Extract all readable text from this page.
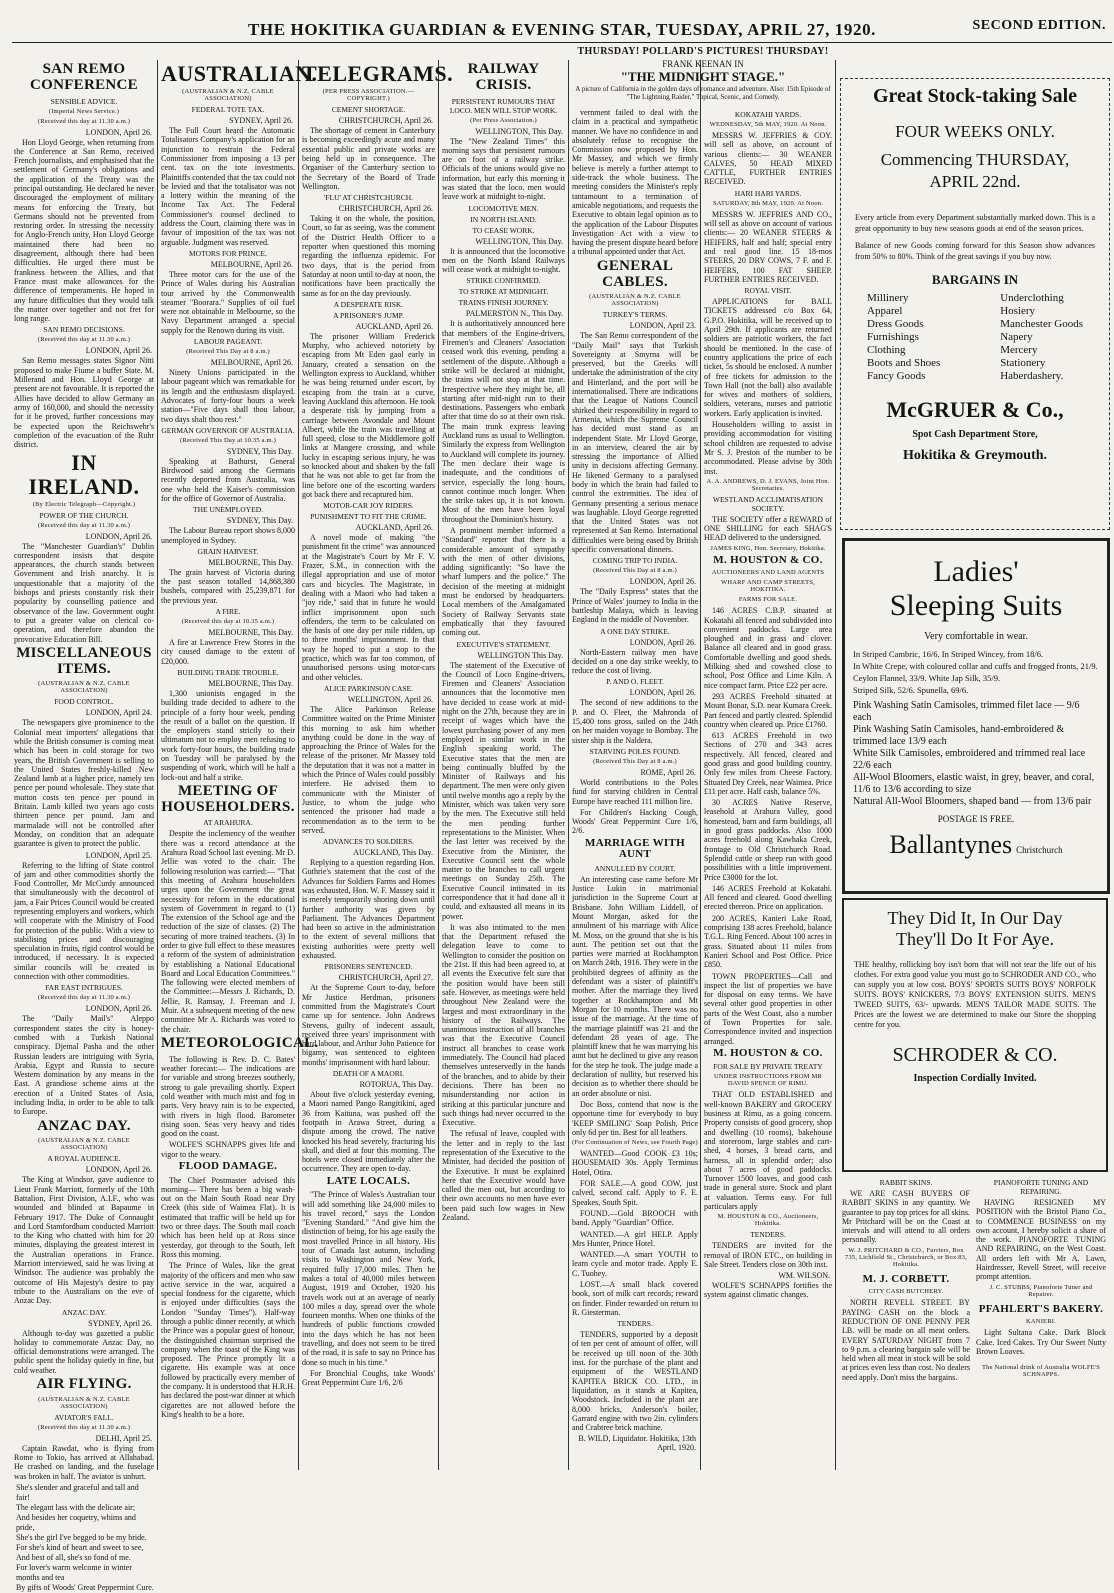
THE HOKITIKA GUARDIAN & EVENING STAR, TUESDAY, APRIL 27, 1920.	SECOND EDITION.
SAN REMO CONFERENCE
SENSIBLE ADVICE.
(Imperial News Service.)
(Received this day at 11.30 a.m.)
LONDON, April 26.

Hon Lloyd George, when returning from the Conference at San Remo, received French journalists, and emphasised that the settlement of Germany's obligations and the application of the Treaty was the principal outstanding. He declared he never discouraged the employment of military means for enforcing the Treaty, but Germans should not be prevented from restoring order. In stressing the necessity for Anglo-French unity, Hon Lloyd George maintained there had been no disagreement, although there had been difficulties. He urged there must be frankness between the Allies, and that France must make allowances for the difference of temperaments. He hoped in any future difficulties that they would talk the matter over together and not fret for long range.

SAN REMO DECISIONS.
(Received this day at 11.30 a.m.)
LONDON, April 26.

San Remo messages states Signor Nitti proposed to make Fiume a buffer State. M. Millerand and Hon. Lloyd George at present are not favourable. It is reported the Allies have decided to allow Germany an army of 160,000, and should the necessity for it be proved, further concessions may be expected upon the Reichswehr's completion of the evacuation of the Ruhr district.

IN IRELAND.
(By Electric Telegraph—Copyright.)
POWER OF THE CHURCH.
(Received this day at 11.30 a.m.)
LONDON, April 26.

The "Manchester Guardian's" Dublin correspondent insists that despite appearances, the church stands between Government and Irish anarchy. It is unquestionable that a majority of the bishops and priests constantly risk their popularity by counselling patience and observance of the law. Government ought to put a greater value on clerical co-operation, and therefore abandon the provocative Education Bill.

MISCELLANEOUS ITEMS.
(AUSTRALIAN & N.Z. CABLE ASSOCIATION)
FOOD CONTROL.
LONDON, April 24.

The newspapers give prominence to the Colonial meat importers' allegations that while the British consumer is coming meat which has been in cold storage for two years, the British Government is selling to the United States freshly-killed New Zealand lamb at a higher price, namely ten pence per pound wholesale. They state that mutton costs ten pence per pound in Britain. Lamb killed two years ago costs thirteen pence per pound. Jam and marmalade will not be controlled after Monday, on condition that an adequate guarantee is given to protect the public.

LONDON, April 25.

Referring to the lifting of State control of jam and other commodities shortly the Food Controller, Mr McCurdy announced that simultaneously with the decontrol of jam, a Fair Prices Council would be created representing employers and workers, which will cooperate with the Ministry of Food for protection of the public. With a view to stabilising prices and discouraging speculation in fruits, rigid control would be introduced, if necessary. It is expected similar councils will be created in connection with other commodities.

FAR EAST INTRIGUES.
(Received this day at 11.30 a.m.)
LONDON, April 26.

The "Daily Mail's" Aleppo correspondent states the city is honey-combed with a Turkish National conspiracy. Djemal Pasha and the other Russian leaders are intriguing with Syria, Arabia, Egypt and Russia to secure Western domination by any means in the East. A grandiose scheme aims at the erection of a United States of Asia, including India, in order to be able to talk to Europe.

ANZAC DAY.
(AUSTRALIAN & N.Z. CABLE ASSOCIATION)
A ROYAL AUDIENCE.
LONDON, April 26.

The King at Windsor, gave audience to Lieut Frank Marriott, formerly of the 10th Battalion, First Division, A.I.F., who was wounded and blinded at Bapaume in February 1917. The Duke of Connaught and Lord Stamfordham conducted Marriott to the King who chatted with him for 20 minutes, displaying the greatest interest in the Australian operations in France. Marriott interviewed, said he was living at Windsor. The audience was probably the outcome of His Majesty's desire to pay tribute to the Australians on the eve of Anzac Day.

ANZAC DAY.
SYDNEY, April 26.

Although to-day was gazetted a public holiday to commemorate Anzac Day, no official demonstrations were arranged. The public spent the holiday quietly in fine, but cold weather.

AIR FLYING.
(AUSTRALIAN & N.Z. CABLE ASSOCIATION)
AVIATOR'S FALL.
(Received this day at 11.30 a.m.)
DELHI, April 25.

Captain Rawdat, who is flying from Rome to Tokio, has arrived at Allahabad. He crashed on landing, and the fuselage was broken in half. The aviator is unhurt.

She's slender and graceful and tall and fair!
The elegant lass with the delicate air;
And besides her coquetry, whims and pride,
She's the girl I've begged to be my bride.
For she's kind of heart and sweet to see,
And best of all, she's so fond of me.
For lover's warm welcome in winter months and tea
By gifts of Woods' Great Peppermint Cure.
AUSTRALIAN.
(AUSTRALIAN & N.Z. CABLE ASSOCIATION)
FEDERAL TOTE TAX.
SYDNEY, April 26.

The Full Court heard the Automatic Totalisators Company's application for an injunction to restrain the Federal Commissioner from imposing a 13 per cent. tax on the tote investments. Plaintiffs contended that the tax could not be levied and that the totalisator was not a lottery within the meaning of the Income Tax Act. The Federal Commissioner's counsel declined to address the Court, claiming there was in favour of imposition of the tax was not arguable. Judgment was reserved.

MOTORS FOR PRINCE.
MELBOURNE, April 26.

Three motor cars for the use of the Prince of Wales during his Australian tour arrived by the Commonwealth steamer "Boorara." Supplies of oil fuel were not obtainable in Melbourne, so the Navy Department arranged a special supply for the Renown during its visit.

LABOUR PAGEANT.
(Received This Day at 8 a.m.)
MELBOURNE, April 26.

Ninety Unions participated in the labour pageant which was remarkable for its length and the enthusiasm displayed. Advocates of forty-four hours a week station—"Five days shall thou labour, two days shalt thou rest."

GERMAN GOVERNOR OF AUSTRALIA.
(Received This Day at 10.35 a.m.)
SYDNEY, This Day.

Speaking at Bathurst, General Birdwood said among the Germans recently deported from Australia, was one who held the Kaiser's commission for the office of Governor of Australia.

THE UNEMPLOYED.
SYDNEY, This Day.

The Labour Bureau report shows 8,000 unemployed in Sydney.

GRAIN HARVEST.
MELBOURNE, This Day.

The grain harvest of Victoria during the past season totalled 14,868,380 bushels, compared with 25,239,871 for the previous year.

A FIRE.
(Received this day at 10.35 a.m.)
MELBOURNE, This Day.

A fire at Lawrence Frew Stores in the city caused damage to the extent of £20,000.

BUILDING TRADE TROUBLE.
MELBOURNE, This Day.

1,300 unionists engaged in the building trade decided to adhere to the principle of a forty hour week, pending the result of a ballot on the question. If the employers stand strictly to their ultimatum not to employ men refusing to work forty-four hours, the building trade on Tuesday will be paralysed by the suspending of work, which will be half a lock-out and half a strike.

MEETING OF HOUSEHOLDERS.
AT ARAHURA.

Despite the inclemency of the weather there was a record attendance at the Arahura Road School last evening. Mr D. Jellie was voted to the chair. The following resolution was carried:— "That this meeting of Arahura householders urges upon the Government the great necessity for reform in the educational system of Government in regard to (1) The extension of the School age and the reduction of the size of classes. (2) The securing of more trained teachers. (3) In order to give full effect to these measures a reform of the system of administration by establishing a National Educational Board and Local Education Committees." The following were elected members of the Committee:—Messrs J. Richards, D. Jellie, R. Ramsay, J. Freeman and J. Muir. At a subsequent meeting of the new committee Mr A. Richards was voted to the chair.

METEOROLOGICAL.

The following is Rev. D. C. Bates' weather forecast:— The indications are for variable and strong breezes southerly, strong to gale prevailing shortly. Expect cold weather with much mist and fog in parts. Very heavy rain is to be expected, with rivers in high flood. Barometer rising soon. Seas very heavy and tides good on the coast.

WOLFE'S SCHNAPPS gives life and vigor to the weary.

FLOOD DAMAGE.

The Chief Postmaster advised this morning— There has been a big wash-out on the Main South Road near Dry Creek (this side of Waimea Flat). It is estimated that traffic will be held up for two or three days. The South mail coach which has been held up at Ross since yesterday, got through to the South, left Ross this morning.

The Prince of Wales, like the great majority of the officers and men who saw active service in the war, acquired a special fondness for the cigarette, which is enjoyed under difficulties (says the London "Sunday Times"). Half-way through a public dinner recently, at which the Prince was a popular guest of honour, the distinguished chairman surprised the company when the toast of the King was proposed. The Prince promptly lit a cigarette. His example was at once followed by practically every member of the company. It is understood that H.R.H. has declared the post-war dinner at which cigarettes are not allowed before the King's health to be a bore.

TELEGRAMS.
(PER PRESS ASSOCIATION.—COPYRIGHT.)
CEMENT SHORTAGE.
CHRISTCHURCH, April 26.

The shortage of cement in Canterbury is becoming exceedingly acute and many essential public and private works are being held up in consequence. The Organiser of the Canterbury section to the Secretary of the Board of Trade Wellington.

'FLU' AT CHRISTCHURCH.
CHRISTCHURCH, April 26.

Taking it on the whole, the position, Court, so far as seeing, was the comment of the District Health Officer to a reporter when questioned this morning regarding the influenza epidemic. For two days, that is the period from Saturday at noon until to-day at noon, the notifications have been practically the same as for on the day previously.

A DESPERATE RISK.
A PRISONER'S JUMP.
AUCKLAND, April 26.

The prisoner William Frederick Murphy, who achieved notoriety by escaping from Mt Eden gaol early in January, created a sensation on the Wellington express to Auckland, whither he was being returned under escort, by escaping from the train at a curve, leaving Auckland this afternoon. He took a desperate risk by jumping from a carriage between Avondale and Mount Albert, while the train was travelling at full speed, close to the Middlemore golf links at Mangere crossing, and while lucky in escaping serious injury, he was so knocked about and shaken by the fall that he was not able to get far from the line before one of the escorting warders got back there and recaptured him.

MOTOR-CAR JOY RIDERS.
PUNISHMENT TO FIT THE CRIME.
AUCKLAND, April 26.

A novel mode of making "the punishment fit the crime" was announced at the Magistrate's Court by Mr F. V. Frazer, S.M., in connection with the illegal appropriation and use of motor cars and bicycles. The Magistrate, in dealing with a Maori who had taken a "joy ride," said that in future he would inflict imprisonment upon such offenders, the term to be calculated on the basis of one day per mile ridden, up to three months' imprisonment. In that way he hoped to put a stop to the practice, which was far too common, of unauthorised persons using motor-cars and other vehicles.

ALICE PARKINSON CASE.
WELLINGTON, April 26.

The Alice Parkinson Release Committee waited on the Prime Minister this morning to ask him whether anything could be done in the way of approaching the Prince of Wales for the release of the prisoner. Mr Massey told the deputation that it was not a matter in which the Prince of Wales could possibly interfere. He advised them to communicate with the Minister of Justice, to whom the judge who sentenced the prisoner had made a recommendation as to the term to be served.

ADVANCES TO SOLDIERS.
AUCKLAND, This Day.

Replying to a question regarding Hon. Guthrie's statement that the cost of the Advances for Soldiers Farms and Homes was exhausted, Hon. W. F. Massey said it is merely temporarily shoring down until further authority was given by Parliament. The Advances Department had been so active in the administration to the extent of several millions that existing authorities were pretty well exhausted.

PRISONERS SENTENCED.
CHRISTCHURCH, April 27.

At the Supreme Court to-day, before Mr Justice Herdman, prisoners committed from the Magistrate's Court came up for sentence. John Andrews Stevens, guilty of indecent assault, received three years' imprisonment with hard labour, and Arthur John Patience for bigamy, was sentenced to eighteen months' imprisonment with hard labour.

DEATH OF A MAORI.
ROTORUA, This Day.

About five o'clock yesterday evening, a Maori named Pango Rangitikini, aged 36 from Kaituna, was pushed off the footpath in Arawa Street, during a dispute among the crowd. The native knocked his head severely, fracturing his skull, and died at four this morning. The hotels were closed immediately after the occurrence. They are open to-day.

LATE LOCALS.

"The Prince of Wales's Australian tour will add something like 24,000 miles to his travel record," says the London "Evening Standard." "And give him the distinction of being, for his age easily the most travelled Prince in all history. His tour of Canada last autumn, including visits to Washington and New York, required fully 17,000 miles. Then he makes a total of 40,000 miles between August, 1919 and October, 1920 his travels work out at an average of nearly 100 miles a day, spread over the whole fourteen months. When one thinks of the hundreds of public functions crowded into the days which he has not been travelling, and does not seem to be tired of the road, it is safe to say no Prince has done so much in his time."

For Bronchial Coughs, take Woods' Great Peppermint Cure 1/6, 2/6

RAILWAY CRISIS.
PERSISTENT RUMOURS THAT LOCO. MEN WILL STOP WORK.
(Per Press Association.)
WELLINGTON, This Day.

The "New Zealand Times" this morning says that persistent rumours are on foot of a railway strike. Officials of the unions would give no information, but early this morning it was stated that the loco. men would leave work at midnight to-night.

LOCOMOTIVE MEN.
IN NORTH ISLAND.
TO CEASE WORK.
WELLINGTON, This Day.

It is announced that the locomotive men on the North Island Railways will cease work at midnight to-night.

STRIKE CONFIRMED.
TO STRIKE AT MIDNIGHT.
TRAINS FINISH JOURNEY.
PALMERSTON N., This Day.

It is authoritatively announced here that members of the Engine-drivers, Firemen's and Cleaners' Association ceased work this evening, pending a settlement of the dispute. Although a strike will be declared at midnight, the trains will not stop at that time. Irrespective where they might be, all starting after mid-night run to their destinations. Passengers who embark after that time do so at their own risk. The main trunk express leaving Auckland runs as usual to Wellington. Similarly the express from Wellington to Auckland will complete its journey. The men declare their wage is inadequate, and the conditions of service, especially the long hours, cannot continue much longer. When the strike takes up, it is not known. Most of the men have been loyal throughout the Dominion's history.

A prominent member informed a "Standard" reporter that there is a considerable amount of sympathy with the men of other divisions, adding significantly: "So have the wharf lumpers and the police." The decision of the meeting at midnight must be endorsed by headquarters. Local members of the Amalgamated Society of Railway Servants state emphatically that they favoured coming out.

EXECUTIVE'S STATEMENT.
WELLINGTON This Day.

The statement of the Executive of the Council of Loco Engine-drivers, Firemen and Cleaners' Association announces that the locomotive men have decided to cease work at mid-night on the 27th, because they are in receipt of wages which have the lowest purchasing power of any men employed in similar work in the English speaking world. The Executive states that the men are being continually bluffed by the Minister of Railways and his department. The men were only given until twelve months ago a reply by the Minister, which was taken very sore by the men. The Executive still held the men pending further representations to the Minister. When the last letter was received by the Executive from the Minister, the Executive Council sent the whole matter to the branches to call urgent meetings on Sunday 25th. The Executive Council intimated in its correspondence that it had done all it could, and exhausted all means in its power.

It was also intimated to the men that the Department refused the delegation leave to come to Wellington to consider the position on the 21st. If this had been agreed to, at all events the Executive felt sure that the position would have been still safe. However, as meetings were held throughout New Zealand were the largest and most extraordinary in the history of the Railways. The unanimous instruction of all branches was that the Executive Council instruct all branches to cease work immediately. The Council had placed themselves unreservedly in the hands of the branches, and to abide by their decisions. There has been no misunderstanding nor action in striking at this particular juncture and such things had never occurred to the Executive.

The refusal of leave, coupled with the letter and in reply to the last representation of the Executive to the Minister, had decided the position of the Executive. It must be explained here that the Executive would have called the men out, but according to their own accounts no men have ever been paid such low wages in New Zealand.

THURSDAY! POLLARD'S PICTURES! THURSDAY!
FRANK KEENAN IN
"THE MIDNIGHT STAGE."
A picture of California in the golden days of romance and adventure. Also: 15th Episode of "The Lightning Raider," Topical, Scenic, and Comedy.

vernment failed to deal with the claim in a practical and sympathetic manner. We have no confidence in and absolutely refuse to recognise the Commission now proposed by Hon. Mr Massey, and which we firmly believe is merely a further attempt to side-track the whole business. The meeting considers the Minister's reply tantamount to a termination of amicable negotiations, and requests the Executive to obtain legal opinion as to the application of the Labour Disputes Investigation Act with a view to having the present dispute heard before a tribunal appointed under that Act.

GENERAL CABLES.
(AUSTRALIAN & N.Z. CABLE ASSOCIATION)
TURKEY'S TERMS.
LONDON, April 23.

The San Remo correspondent of the "Daily Mail" says that Turkish Sovereignty at Smyrna will be preserved, but the Greeks will undertake the administration of the city and Hinterland, and the port will be internationalised. There are indications that the League of Nations Council shirked their responsibility in regard to Armenia, which the Supreme Council has decided must stand as an independent State. Mr Lloyd George, in an interview, cleared the air by stressing the importance of Allied unity in decisions affecting Germany. He likened Germany to a paralysed body in which the brain had failed to control the extremities. The idea of Germany presenting a serious menace was laughable. Lloyd George regretted that the United States was not represented at San Remo. International difficulties were being eased by British specific conversational dinners.

COMING TRIP TO INDIA.
(Received This Day at 8 a.m.)
LONDON, April 26.

The "Daily Express" states that the Prince of Wales' journey to India in the battleship Malaya, which is leaving England in the middle of November.

A ONE DAY STRIKE.
LONDON, April 26.

North-Eastern railway men have decided on a one day strike weekly, to reduce the cost of living.

P. AND O. FLEET.
LONDON, April 26.

The second of new additions to the P. and O. Fleet, the Mahronda of 15,400 tons gross, sailed on the 24th on her maiden voyage to Bombay. The sister ship is the Naldera.

STARVING POLES FOUND.
(Received This Day at 8 a.m.)
ROME, April 26.

World contributions to the Poles fund for starving children in Central Europe have reached 111 million lire.

For Children's Hacking Cough, Woods' Great Peppermint Cure 1/6, 2/6.

MARRIAGE WITH AUNT
ANNULLED BY COURT.

An interesting case came before Mr Justice Lukin in matrimonial jurisdiction in the Supreme Court at Brisbane. John William Liddell, of Mount Morgan, asked for the annulment of his marriage with Alice M. Moss, on the ground that she is his aunt. The petition set out that the parties were married at Rockhampton on March 24th, 1916. They were in the prohibited degrees of affinity as the defendant was a sister of plaintiff's mother. After the marriage they lived together at Rockhampton and Mt Morgan for 10 months. There was no issue of the marriage. At the time of the marriage plaintiff was 21 and the defendant 28 years of age. The plaintiff knew that he was marrying his aunt but he declined to give any reason for the step he took. The judge made a declaration of nullity, but reserved his decision as to whether there should be an order absolute or nisi.

Doc Boss, contend that now is the opportune time for everybody to buy 'KEEP SMILING' Soap Polish, Price only 6d per tin. Best for all leathers.

(For Continuation of News, see Fourth Page)

WANTED—Good COOK £3 10s; HOUSEMAID 30s. Apply Terminus Hotel, Otira.

FOR SALE.—A good COW, just calved, second calf. Apply to F. E. Speakes, South Spit.

FOUND.—Gold BROOCH with band. Apply "Guardian" Office.

WANTED.—A girl HELP. Apply Mrs Hunter, Prince Hotel.

WANTED.—A smart YOUTH to learn cycle and motor trade. Apply E. C. Tuohey.

LOST.—A small black covered book, sort of milk cart records; reward on finder. Finder rewarded on return to R. Giesterman.

TENDERS.

TENDERS, supported by a deposit of ten per cent of amount of offer, will be received up till noon of the 30th inst. for the purchase of the plant and equipment of the WESTLAND KAPITEA BRICK CO. LTD., in liquidation, as it stands at Kapitea, Woodstock. Included in the plant are 8,000 bricks, Anderson's boiler, Garrard engine with two 2in. cylinders and Crabtree brick machine.

B. WILD, Liquidator. Hokitika, 13th April, 1920.
KOKATAHI YARDS.
WEDNESDAY, 5th MAY, 1920. At Noon.

MESSRS W. JEFFRIES & COY. will sell as above, on account of various clients:— 30 WEANER CALVES, 50 HEAD MIXED CATTLE, FURTHER ENTRIES RECEIVED.

HARI HARI YARDS.
SATURDAY, 8th MAY, 1920. At Noon.

MESSRS W. JEFFRIES AND CO., will sell as above on account of various clients:— 20 WEANER STEERS & HEIFERS, half and half; special entry and real good line. 15 18-mos STEERS, 20 DRY COWS, 7 F. and F. HEIFERS, 100 FAT SHEEP. FURTHER ENTRIES RECEIVED.

ROYAL VISIT.

APPLICATIONS for BALL TICKETS addressed c/o Box 64, G.P.O. Hokitika, will be received up to April 29th. If applicants are returned soldiers are patriotic workers, the fact should be mentioned. In the case of country applications the price of each ticket, 5s should be enclosed. A number of free tickets for admission to the Town Hall (not the ball) also available for wives and mothers of soldiers, soldiers, veterans, nurses and patriotic workers. Early application is invited.

Householders willing to assist in providing accommodation for visiting school children are requested to advise Mr S. J. Preston of the number to be accommodated. Please advise by 30th inst.

A. A. ANDREWS, D. J. EVANS, Joint Hon. Secretaries.
WESTLAND ACCLIMATISATION SOCIETY.

THE SOCIETY offer a REWARD of ONE SHILLING for each SHAG'S HEAD delivered to the undersigned.

JAMES KING, Hon. Secretary, Hokitika.
M. HOUSTON & CO.
AUCTIONEERS AND LAND AGENTS
WHARF AND CAMP STREETS, HOKITIKA.
FARMS FOR SALE.

146 ACRES C.B.P. situated at Kokatahi all fenced and subdivided into convenient paddocks. Large area ploughed and in grass and clover. Balance all cleared and in good grass. Comfortable dwelling and good sheds. Milking shed and cowshed close to school, Post Office and Lime Kiln. A nice compact farm. Price £22 per acre.

293 ACRES Freehold situated at Mount Bonar, S.D. near Kumara Creek. Part fenced and partly cleared. Splendid country when cleared up. Price £1760.

613 ACRES Freehold in two Sections of 270 and 343 acres respectively. All fenced, cleared and good grass and good building country. Only few miles from Cheese Factory. Situated Dry Creek, near Waimea. Price £11 per acre. Half cash, balance 5%.

30 ACRES Native Reserve, leasehold at Arahura Valley, good homestead, barn and farm buildings, all in good grass paddocks. Also 1000 acres freehold along Kawhaka Creek, frontage to Old Christchurch Road. Splendid cattle or sheep run with good possibilities with a little improvement. Price £3000 for the lot.

146 ACRES Freehold at Kokatahi. All fenced and cleared. Good dwelling erected thereon. Price on application.

200 ACRES, Kanieri Lake Road, comprising 138 acres Freehold, balance T.G.L. Ring Fenced. About 100 acres in grass. Situated about 11 miles from Kanieri School and Post Office. Price £850.

TOWN PROPERTIES—Call and inspect the list of properties we have for disposal on easy terms. We have several other good properties in other parts of the West Coast, also a number of Town Properties for sale. Correspondence invited and inspection arranged.

M. HOUSTON & CO.
FOR SALE BY PRIVATE TREATY
UNDER INSTRUCTIONS FROM MR DAVID SPENCE OF RIMU.

THAT OLD ESTABLISHED and well-known BAKERY and GROCERY business at Rimu, as a going concern. Property consists of good grocery, shop and dwelling (10 rooms), bakehouse and storeroom, large stables and cart-shed, 4 horses, 3 bread carts, and harness, all in splendid order; also about 7 acres of good paddocks. Turnover 1500 loaves, and good cash trade in general store. Stock and plant at valuation. Terms easy. For full particulars apply

M. HOUSTON & CO., Auctioneers, Hokitika.
TENDERS.

TENDERS are invited for the removal of IRON ETC., on building in Sale Street. Tenders close on 30th inst.

WM. WILSON.

WOLFE'S SCHNAPPS fortifies the system against climatic changes.

Great Stock-taking Sale
FOUR WEEKS ONLY.
Commencing THURSDAY,
APRIL 22nd.
Every article from every Department substantially marked down. This is a great opportunity to buy new seasons goods at end of the season prices.
Balance of new Goods coming forward for this Season show advances from 50% to 80%. Think of the great savings if you buy now.
BARGAINS IN
Millinery
Apparel
Dress Goods
Furnishings
Clothing
Boots and Shoes
Fancy Goods
Underclothing
Hosiery
Manchester Goods
Napery
Mercery
Stationery
Haberdashery.
McGRUER & Co.,
Spot Cash Department Store,
Hokitika & Greymouth.
Ladies'
Sleeping Suits
Very comfortable in wear.
In Striped Cambric, 16/6. In Striped Wincey, from 18/6.
In White Crepe, with coloured collar and cuffs and frogged fronts, 21/9.
Ceylon Flannel, 33/9. White Jap Silk, 35/9.
Striped Silk, 52/6. Spunella, 69/6.
Pink Washing Satin Camisoles, trimmed filet lace — 9/6 each
Pink Washing Satin Camisoles, hand-embroidered & trimmed lace 13/9 each
White Silk Camisoles, embroidered and trimmed real lace 22/6 each
All-Wool Bloomers, elastic waist, in grey, beaver, and coral, 11/6 to 13/6 according to size
Natural All-Wool Bloomers, shaped band — from 13/6 pair
POSTAGE IS FREE.
Ballantynes Christchurch
They Did It, In Our Day
They'll Do It For Aye.
THE healthy, rollicking boy isn't born that will not tear the life out of his clothes. For extra good value you must go to SCHRODER AND CO., who can supply you at low cost. BOYS' SPORTS SUITS BOYS' NORFOLK SUITS. BOYS' KNICKERS, 7/3 BOYS' EXTENSION SUITS. MEN'S TWEED SUITS, 63/- upwards. MEN'S TAILOR MADE SUITS. The Prices are the lowest we are determined to make our Store the shopping centre for you.
SCHRODER & CO.
Inspection Cordially Invited.
RABBIT SKINS.

WE ARE CASH BUYERS OF RABBIT SKINS in any quantity. We guarantee to pay top prices for all skins. Mr Pritchard will be on the Coast at intervals and will attend to all orders personally.

W. J. PRITCHARD & CO., Furriers, Box 735, Lichfield St., Christchurch, or Box 83, Hokitika.
M. J. CORBETT.
CITY CASH BUTCHERY.

NORTH REVELL STREET. BY PAYING CASH on the block a REDUCTION OF ONE PENNY PER LB. will be made on all meat orders. EVERY SATURDAY NIGHT from 7 to 9 p.m. a clearing bargain sale will be held when all meat in stock will be sold at prices even less than cost. No dealers need apply. Don't miss the bargains.

PIANOFORTE TUNING AND REPAIRING.

HAVING RESIGNED MY POSITION with the Bristol Piano Co., to COMMENCE BUSINESS on my own account, I hereby solicit a share of the work. PIANOFORTE TUNING AND REPAIRING, on the West Coast. All orders left with Mr A. Lawn, Hairdresser, Revell Street, will receive prompt attention.

J. C. STUBBS, Pianoforte Tuner and Repairer.
PFAHLERT'S BAKERY.
KANIERI.

Light Sultana Cake. Dark Block Cake. Iced Cakes. Try Our Sweet Nutty Brown Loaves.

The National drink of Australia WOLFE'S SCHNAPPS.
